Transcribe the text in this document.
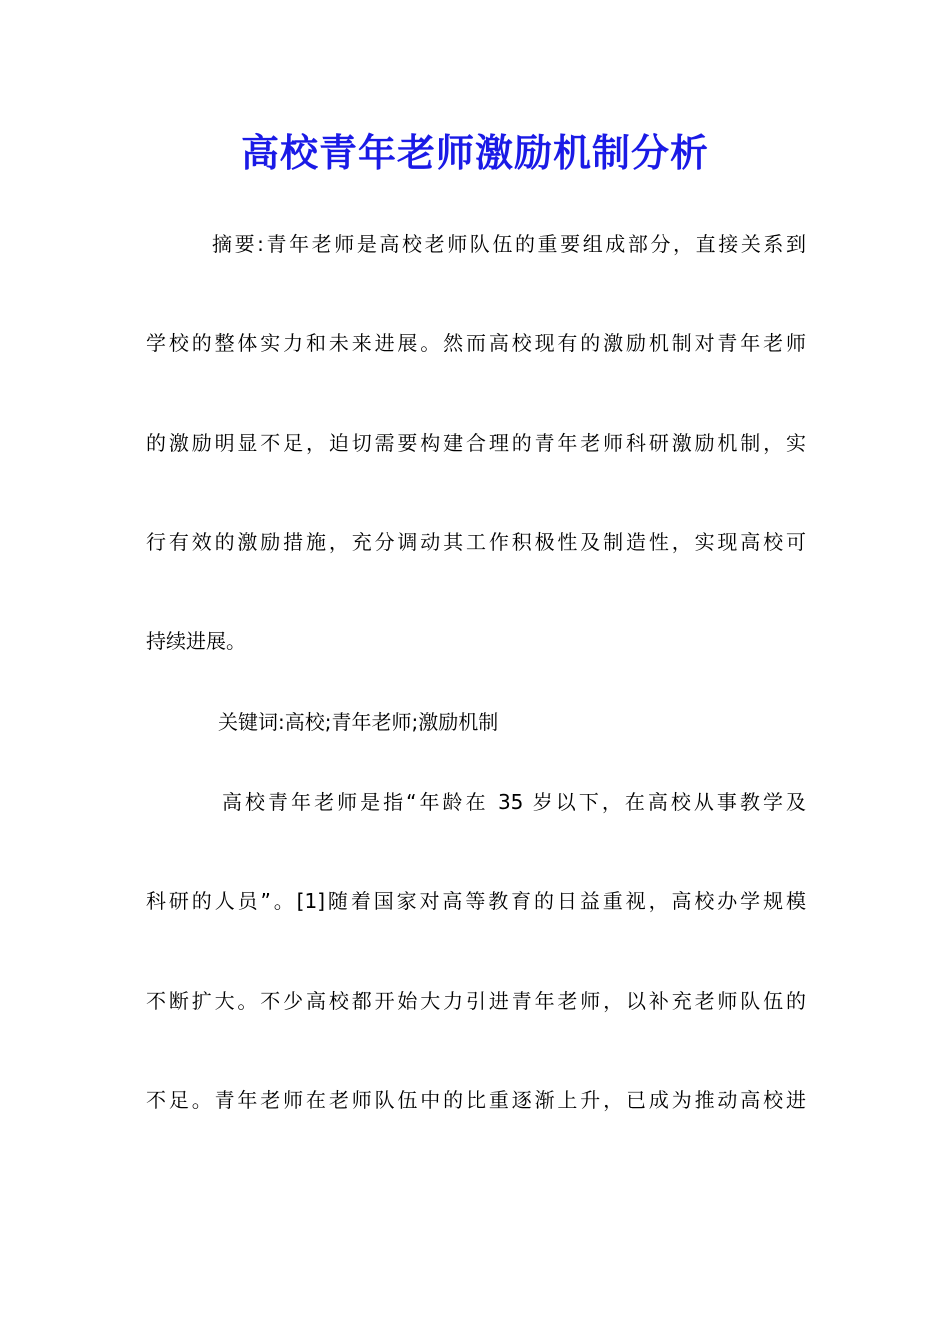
高校青年老师激励机制分析
摘要:青年老师是高校老师队伍的重要组成部分，直接关系到
学校的整体实力和未来进展。然而高校现有的激励机制对青年老师
的激励明显不足，迫切需要构建合理的青年老师科研激励机制，实
行有效的激励措施，充分调动其工作积极性及制造性，实现高校可
持续进展。
关键词:高校;青年老师;激励机制
高校青年老师是指“年龄在 35 岁以下，在高校从事教学及
科研的人员”。[1]随着国家对高等教育的日益重视，高校办学规模
不断扩大。不少高校都开始大力引进青年老师，以补充老师队伍的
不足。青年老师在老师队伍中的比重逐渐上升，已成为推动高校进
